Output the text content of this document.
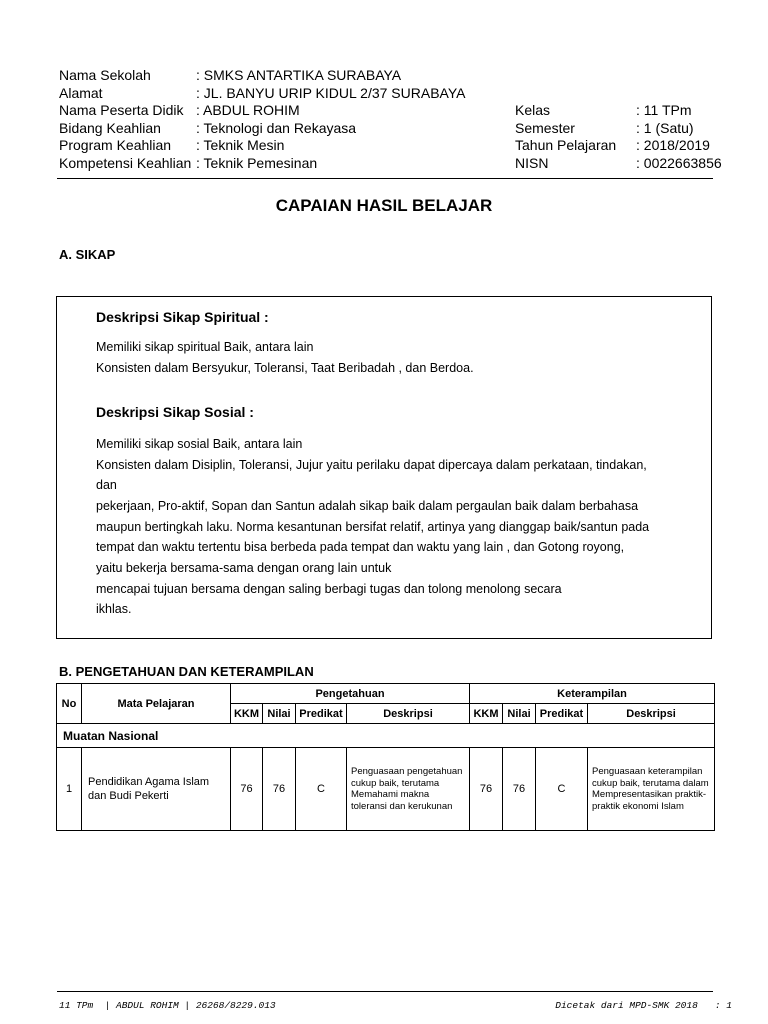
Nama Sekolah	: SMKS ANTARTIKA SURABAYA
Alamat	: JL. BANYU URIP KIDUL 2/37 SURABAYA
Nama Peserta Didik : ABDUL ROHIM
Bidang Keahlian	: Teknologi dan Rekayasa
Program Keahlian : Teknik Mesin
Kompetensi Keahlian : Teknik Pemesinan
Kelas	: 11 TPm
Semester	: 1 (Satu)
Tahun Pelajaran : 2018/2019
NISN	: 0022663856
CAPAIAN HASIL BELAJAR
A. SIKAP
Deskripsi Sikap Spiritual :

Memiliki sikap spiritual Baik, antara lain

Konsisten dalam Bersyukur, Toleransi, Taat Beribadah , dan Berdoa.

Deskripsi Sikap Sosial :

Memiliki sikap sosial Baik, antara lain

Konsisten dalam Disiplin, Toleransi, Jujur yaitu perilaku dapat dipercaya dalam perkataan, tindakan,

dan

pekerjaan, Pro-aktif, Sopan dan Santun adalah sikap baik dalam pergaulan baik dalam berbahasa

maupun bertingkah laku. Norma kesantunan bersifat relatif, artinya yang dianggap baik/santun pada

tempat dan waktu tertentu bisa berbeda pada tempat dan waktu yang lain , dan Gotong royong,

yaitu bekerja bersama-sama dengan orang lain untuk

mencapai tujuan bersama dengan saling berbagi tugas dan tolong menolong secara

ikhlas.

B. PENGETAHUAN DAN KETERAMPILAN
No	Mata Pelajaran	Pengetahuan				Keterampilan			
		KKM	Nilai	Predikat	Deskripsi	KKM	Nilai	Predikat	Deskripsi
Muatan Nasional									
1	Pendidikan Agama Islam dan Budi Pekerti	76	76	C	Penguasaan pengetahuan cukup baik, terutama Memahami makna toleransi dan kerukunan	76	76	C	Penguasaan keterampilan cukup baik, terutama dalam Mempresentasikan praktik-praktik ekonomi Islam
11 TPm  | ABDUL ROHIM | 26268/8229.013	Dicetak dari MPD-SMK 2018   : 1
